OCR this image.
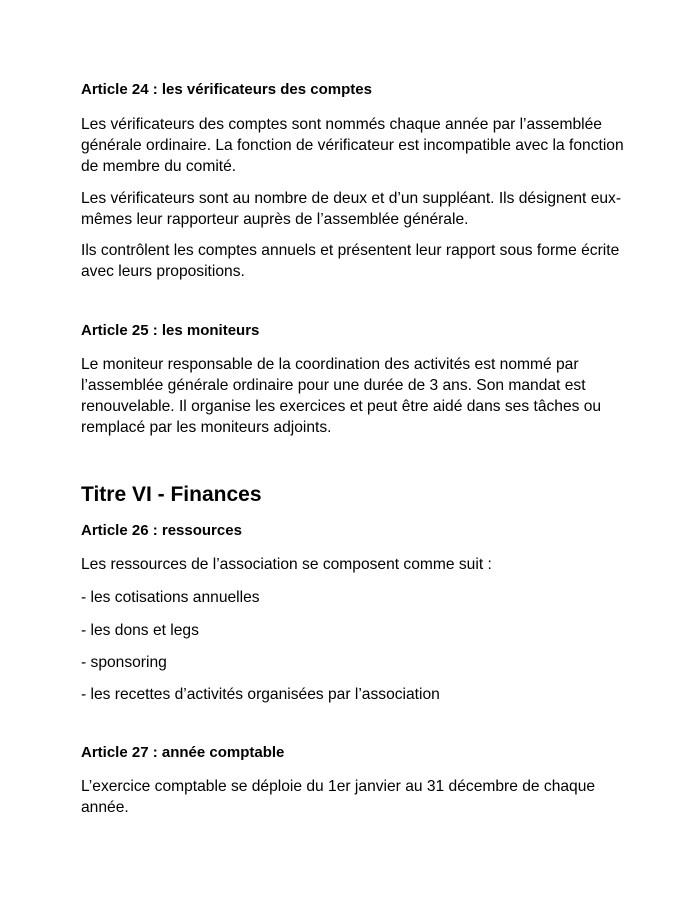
Article 24 : les vérificateurs des comptes

Les vérificateurs des comptes sont nommés chaque année par l’assemblée générale ordinaire. La fonction de vérificateur est incompatible avec la fonction de membre du comité.

Les vérificateurs sont au nombre de deux et d’un suppléant. Ils désignent eux-mêmes leur rapporteur auprès de l’assemblée générale.

Ils contrôlent les comptes annuels et présentent leur rapport sous forme écrite avec leurs propositions.

Article 25 : les moniteurs

Le moniteur responsable de la coordination des activités est nommé par l’assemblée générale ordinaire pour une durée de 3 ans. Son mandat est renouvelable. Il organise les exercices et peut être aidé dans ses tâches ou remplacé par les moniteurs adjoints.

Titre VI - Finances
Article 26 : ressources

Les ressources de l’association se composent comme suit :

- les cotisations annuelles

- les dons et legs

- sponsoring

- les recettes d’activités organisées par l’association

Article 27 : année comptable

L’exercice comptable se déploie du 1er janvier au 31 décembre de chaque année.
